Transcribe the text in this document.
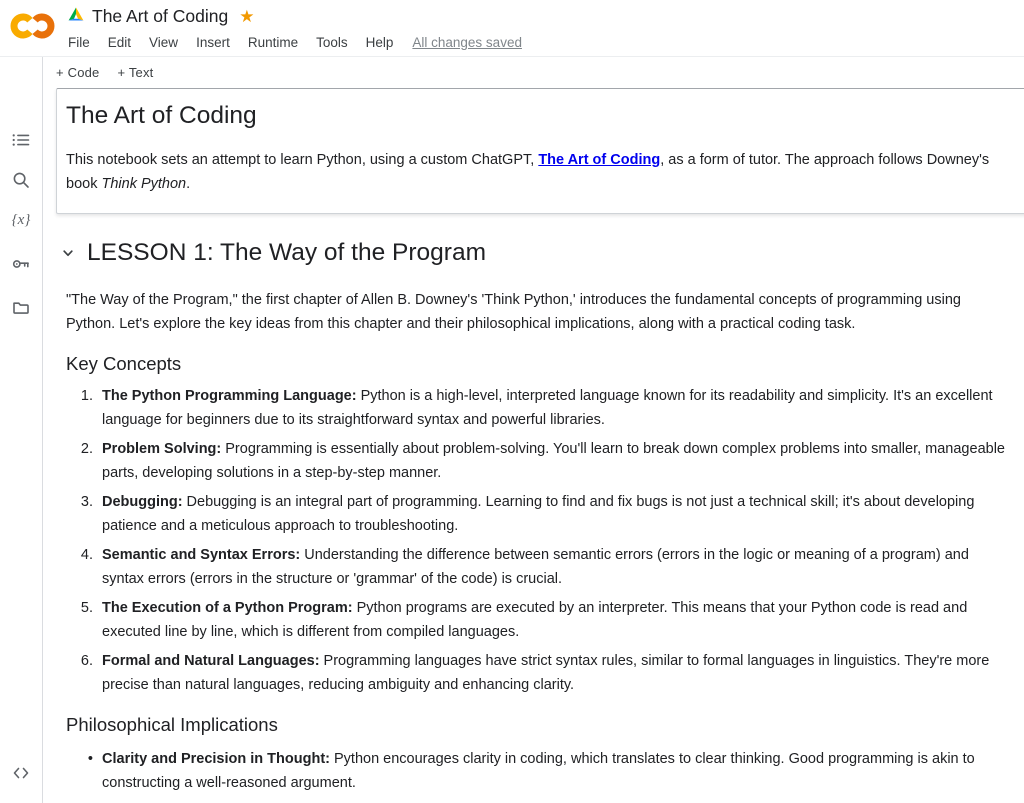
The Art of Coding ★
File	Edit	View	Insert	Runtime	Tools	Help	All changes saved
+ Code + Text
{x}
The Art of Coding

This notebook sets an attempt to learn Python, using a custom ChatGPT, The Art of Coding, as a form of tutor. The approach follows Downey's
book Think Python.

LESSON 1: The Way of the Program

"The Way of the Program," the first chapter of Allen B. Downey's 'Think Python,' introduces the fundamental concepts of programming using
Python. Let's explore the key ideas from this chapter and their philosophical implications, along with a practical coding task.

Key Concepts
1. The Python Programming Language: Python is a high-level, interpreted language known for its readability and simplicity. It's an excellent language for beginners due to its straightforward syntax and powerful libraries.
2. Problem Solving: Programming is essentially about problem-solving. You'll learn to break down complex problems into smaller, manageable parts, developing solutions in a step-by-step manner.
3. Debugging: Debugging is an integral part of programming. Learning to find and fix bugs is not just a technical skill; it's about developing patience and a meticulous approach to troubleshooting.
4. Semantic and Syntax Errors: Understanding the difference between semantic errors (errors in the logic or meaning of a program) and syntax errors (errors in the structure or 'grammar' of the code) is crucial.
5. The Execution of a Python Program: Python programs are executed by an interpreter. This means that your Python code is read and executed line by line, which is different from compiled languages.
6. Formal and Natural Languages: Programming languages have strict syntax rules, similar to formal languages in linguistics. They're more precise than natural languages, reducing ambiguity and enhancing clarity.
Philosophical Implications
• Clarity and Precision in Thought: Python encourages clarity in coding, which translates to clear thinking. Good programming is akin to constructing a well-reasoned argument.
